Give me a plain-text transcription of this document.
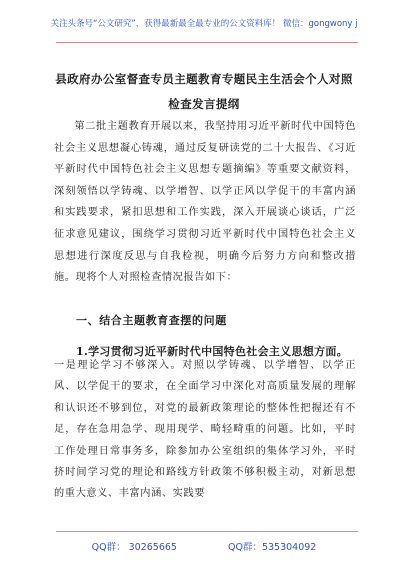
关注头条号“公文研究”，获得最新最全最专业的公文资料库！ 微信：gongwony j
县政府办公室督查专员主题教育专题民主生活会个人对照
检查发言提纲

第二批主题教育开展以来，我坚持用习近平新时代中国特色社会主义思想凝心铸魂，通过反复研读党的二十大报告、《习近平新时代中国特色社会主义思想专题摘编》等重要文献资料，深刻领悟以学铸魂、以学增智、以学正风以学促干的丰富内涵和实践要求，紧扣思想和工作实践，深入开展谈心谈话，广泛征求意见建议，围绕学习贯彻习近平新时代中国特色社会主义思想进行深度反思与自我检视，明确今后努力方向和整改措施。现将个人对照检查情况报告如下：

一、结合主题教育查摆的问题
1.学习贯彻习近平新时代中国特色社会主义思想方面。
一是理论学习不够深入。对照以学铸魂、以学增智、以学正风、以学促干的要求，在全面学习中深化对高质量发展的理解和认识还不够到位，对党的最新政策理论的整体性把握还有不足，存在急用急学、现用现学、畸轻畸重的问题。比如，平时工作处理日常事务多，除参加办公室组织的集体学习外，平时挤时间学习党的理论和路线方针政策不够积极主动，对新思想的重大意义、丰富内涵、实践要
QQ群： 30265665	QQ群：535304092
